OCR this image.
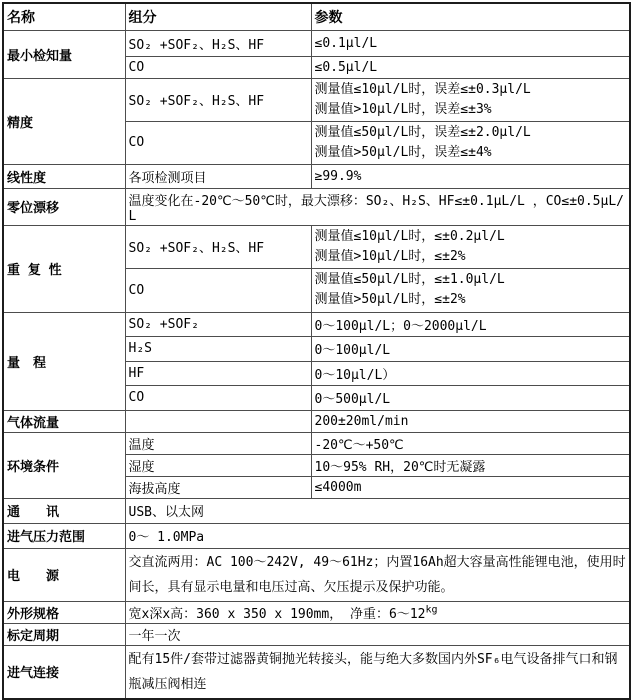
名称	组分	参数
最小检知量	SO₂ +SOF₂、H₂S、HF	≤0.1μl/L

	CO	≤0.5μl/L

精度	SO₂ +SOF₂、H₂S、HF	测量值≤10μl/L时，误差≤±0.3μl/L
测量值>10μl/L时，误差≤±3%

	CO	测量值≤50μl/L时，误差≤±2.0μl/L
测量值>50μl/L时，误差≤±4%

线性度	各项检测项目	≥99.9%

零位漂移	温度变化在-20℃～50℃时，最大漂移：SO₂、H₂S、HF≤±0.1μL/L ，CO≤±0.5μL/L	
重 复 性	SO₂ +SOF₂、H₂S、HF	测量值≤10μl/L时，≤±0.2μl/L
测量值>10μl/L时，≤±2%

	CO	测量值≤50μl/L时，≤±1.0μl/L
测量值>50μl/L时，≤±2%

量　程	SO₂ +SOF₂	0～100μl/L；0～2000μl/L

	H₂S	0～100μl/L

	HF	0～10μl/L）

	CO	0～500μl/L

气体流量		200±20ml/min

环境条件	温度	-20℃～+50℃

	湿度	10～95% RH，20℃时无凝露

	海拔高度	≤4000m

通　　讯	USB、以太网	
进气压力范围	0～ 1.0MPa	
电　　源	交直流两用：AC 100～242V, 49～61Hz；内置16Ah超大容量高性能锂电池，使用时间长，具有显示电量和电压过高、欠压提示及保护功能。	
外形规格	宽x深x高：360 x 350 x 190mm， 净重：$6\sim 12^{kg}$
标定周期	一年一次	
进气连接	配有15件/套带过滤器黄铜抛光转接头，能与绝大多数国内外SF₆电气设备排气口和钢瓶减压阀相连	
